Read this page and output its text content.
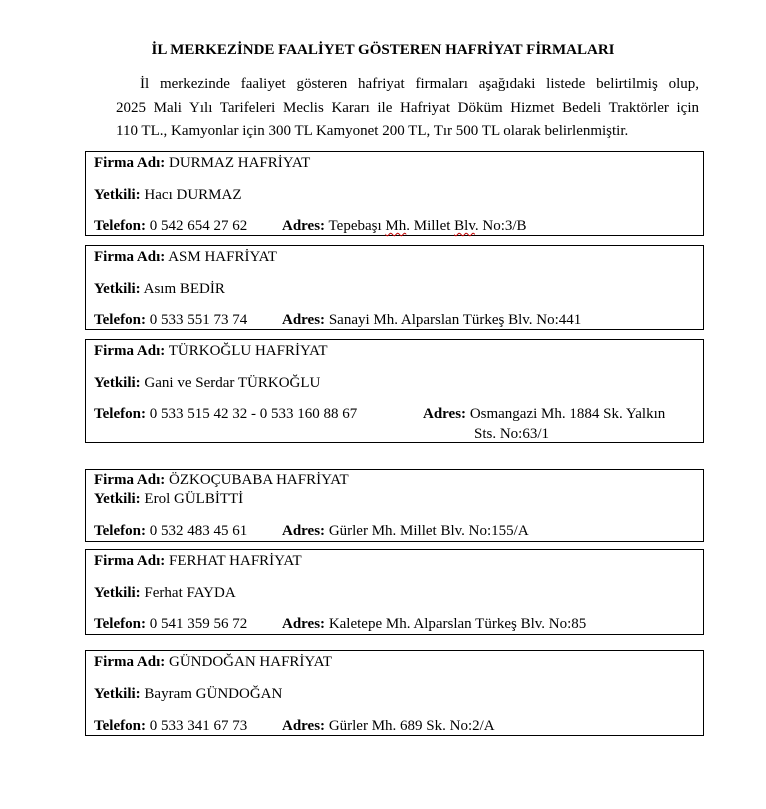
İL MERKEZİNDE FAALİYET GÖSTEREN HAFRİYAT FİRMALARI
İl merkezinde faaliyet gösteren hafriyat firmaları aşağıdaki listede belirtilmiş olup,
2025 Mali Yılı Tarifeleri Meclis Kararı ile Hafriyat Döküm Hizmet Bedeli Traktörler için
110 TL., Kamyonlar için 300 TL Kamyonet 200 TL, Tır 500 TL olarak belirlenmiştir.
Firma Adı: DURMAZ HAFRİYAT
Yetkili: Hacı DURMAZ
Telefon: 0 542 654 27 62 Adres: Tepebaşı Mh. Millet Blv. No:3/B
Firma Adı: ASM HAFRİYAT
Yetkili: Asım BEDİR
Telefon: 0 533 551 73 74 Adres: Sanayi Mh. Alparslan Türkeş Blv. No:441
Firma Adı: TÜRKOĞLU HAFRİYAT
Yetkili: Gani ve Serdar TÜRKOĞLU
Telefon: 0 533 515 42 32 - 0 533 160 88 67	Adres: Osmangazi Mh. 1884 Sk. Yalkın
Sts. No:63/1
Firma Adı: ÖZKOÇUBABA HAFRİYAT
Yetkili: Erol GÜLBİTTİ
Telefon: 0 532 483 45 61 Adres: Gürler Mh. Millet Blv. No:155/A
Firma Adı: FERHAT HAFRİYAT
Yetkili: Ferhat FAYDA
Telefon: 0 541 359 56 72 Adres: Kaletepe Mh. Alparslan Türkeş Blv. No:85
Firma Adı: GÜNDOĞAN HAFRİYAT
Yetkili: Bayram GÜNDOĞAN
Telefon: 0 533 341 67 73 Adres: Gürler Mh. 689 Sk. No:2/A
